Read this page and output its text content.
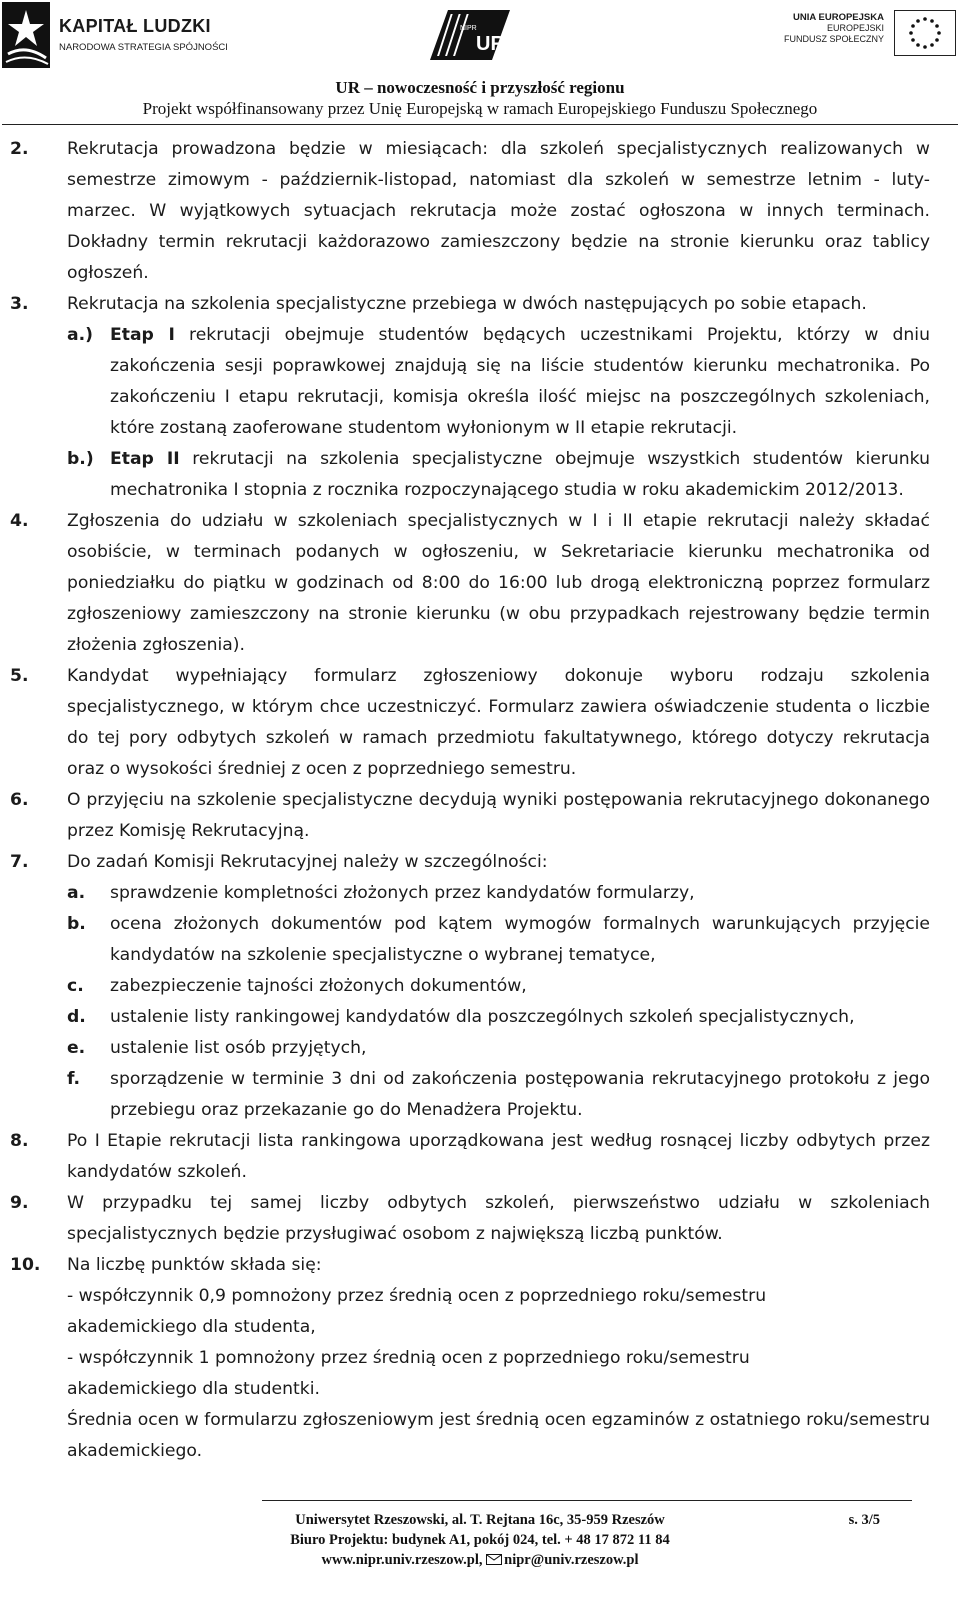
KAPITAŁ LUDZKI
NARODOWA STRATEGIA SPÓJNOŚCI	UR
NIPR
UNIA EUROPEJSKA
EUROPEJSKI
FUNDUSZ SPOŁECZNY
UR – nowoczesność i przyszłość regionu
Projekt współfinansowany przez Unię Europejską w ramach Europejskiego Funduszu Społecznego
2. Rekrutacja prowadzona będzie w miesiącach: dla szkoleń specjalistycznych realizowanych w semestrze zimowym - październik-listopad, natomiast dla szkoleń w semestrze letnim - luty-marzec. W wyjątkowych sytuacjach rekrutacja może zostać ogłoszona w innych terminach. Dokładny termin rekrutacji każdorazowo zamieszczony będzie na stronie kierunku oraz tablicy ogłoszeń.
3. Rekrutacja na szkolenia specjalistyczne przebiega w dwóch następujących po sobie etapach.
a.) Etap I rekrutacji obejmuje studentów będących uczestnikami Projektu, którzy w dniu zakończenia sesji poprawkowej znajdują się na liście studentów kierunku mechatronika. Po zakończeniu I etapu rekrutacji, komisja określa ilość miejsc na poszczególnych szkoleniach, które zostaną zaoferowane studentom wyłonionym w II etapie rekrutacji.
b.) Etap II rekrutacji na szkolenia specjalistyczne obejmuje wszystkich studentów kierunku mechatronika I stopnia z rocznika rozpoczynającego studia w roku akademickim 2012/2013.
4. Zgłoszenia do udziału w szkoleniach specjalistycznych w I i II etapie rekrutacji należy składać osobiście, w terminach podanych w ogłoszeniu, w Sekretariacie kierunku mechatronika od poniedziałku do piątku w godzinach od 8:00 do 16:00 lub drogą elektroniczną poprzez formularz zgłoszeniowy zamieszczony na stronie kierunku (w obu przypadkach rejestrowany będzie termin złożenia zgłoszenia).
5. Kandydat wypełniający formularz zgłoszeniowy dokonuje wyboru rodzaju szkolenia specjalistycznego, w którym chce uczestniczyć. Formularz zawiera oświadczenie studenta o liczbie do tej pory odbytych szkoleń w ramach przedmiotu fakultatywnego, którego dotyczy rekrutacja oraz o wysokości średniej z ocen z poprzedniego semestru.
6. O przyjęciu na szkolenie specjalistyczne decydują wyniki postępowania rekrutacyjnego dokonanego przez Komisję Rekrutacyjną.
7. Do zadań Komisji Rekrutacyjnej należy w szczególności:
a. sprawdzenie kompletności złożonych przez kandydatów formularzy,
b. ocena złożonych dokumentów pod kątem wymogów formalnych warunkujących przyjęcie kandydatów na szkolenie specjalistyczne o wybranej tematyce,
c. zabezpieczenie tajności złożonych dokumentów,
d. ustalenie listy rankingowej kandydatów dla poszczególnych szkoleń specjalistycznych,
e. ustalenie list osób przyjętych,
f. sporządzenie w terminie 3 dni od zakończenia postępowania rekrutacyjnego protokołu z jego przebiegu oraz przekazanie go do Menadżera Projektu.
8. Po I Etapie rekrutacji lista rankingowa uporządkowana jest według rosnącej liczby odbytych przez kandydatów szkoleń.
9. W przypadku tej samej liczby odbytych szkoleń, pierwszeństwo udziału w szkoleniach specjalistycznych będzie przysługiwać osobom z największą liczbą punktów.
10. Na liczbę punktów składa się:
- współczynnik 0,9 pomnożony przez średnią ocen z poprzedniego roku/semestru
akademickiego dla studenta,
- współczynnik 1 pomnożony przez średnią ocen z poprzedniego roku/semestru
akademickiego dla studentki.
Średnia ocen w formularzu zgłoszeniowym jest średnią ocen egzaminów z ostatniego roku/semestru akademickiego.
Uniwersytet Rzeszowski, al. T. Rejtana 16c, 35-959 Rzeszów	s. 3/5
Biuro Projektu: budynek A1, pokój 024, tel. + 48 17 872 11 84
www.nipr.univ.rzeszow.pl, nipr@univ.rzeszow.pl
